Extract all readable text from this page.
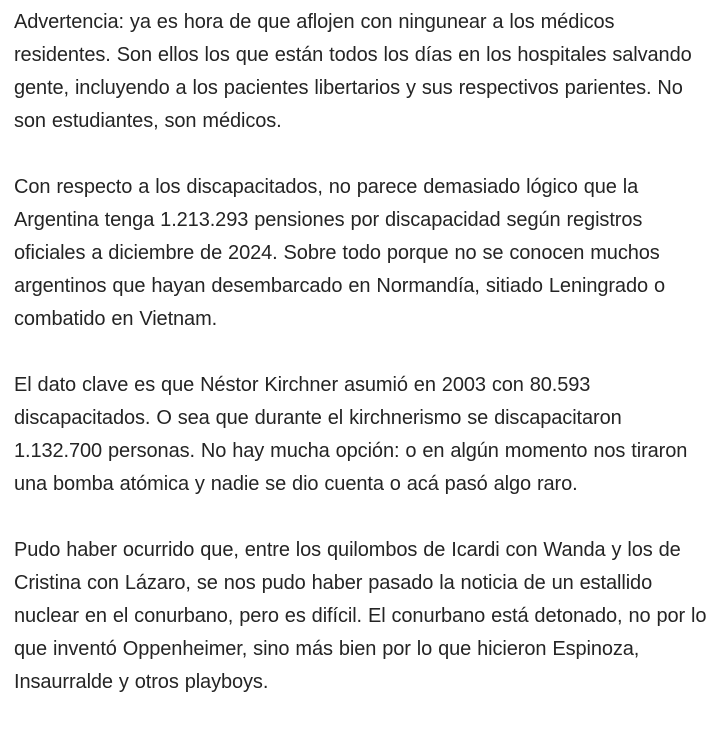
Advertencia: ya es hora de que aflojen con ningunear a los médicos residentes. Son ellos los que están todos los días en los hospitales salvando gente, incluyendo a los pacientes libertarios y sus respectivos parientes. No son estudiantes, son médicos.

Con respecto a los discapacitados, no parece demasiado lógico que la Argentina tenga 1.213.293 pensiones por discapacidad según registros oficiales a diciembre de 2024. Sobre todo porque no se conocen muchos argentinos que hayan desembarcado en Normandía, sitiado Leningrado o combatido en Vietnam.

El dato clave es que Néstor Kirchner asumió en 2003 con 80.593 discapacitados. O sea que durante el kirchnerismo se discapacitaron 1.132.700 personas. No hay mucha opción: o en algún momento nos tiraron una bomba atómica y nadie se dio cuenta o acá pasó algo raro.

Pudo haber ocurrido que, entre los quilombos de Icardi con Wanda y los de Cristina con Lázaro, se nos pudo haber pasado la noticia de un estallido nuclear en el conurbano, pero es difícil. El conurbano está detonado, no por lo que inventó Oppenheimer, sino más bien por lo que hicieron Espinoza, Insaurralde y otros playboys.
